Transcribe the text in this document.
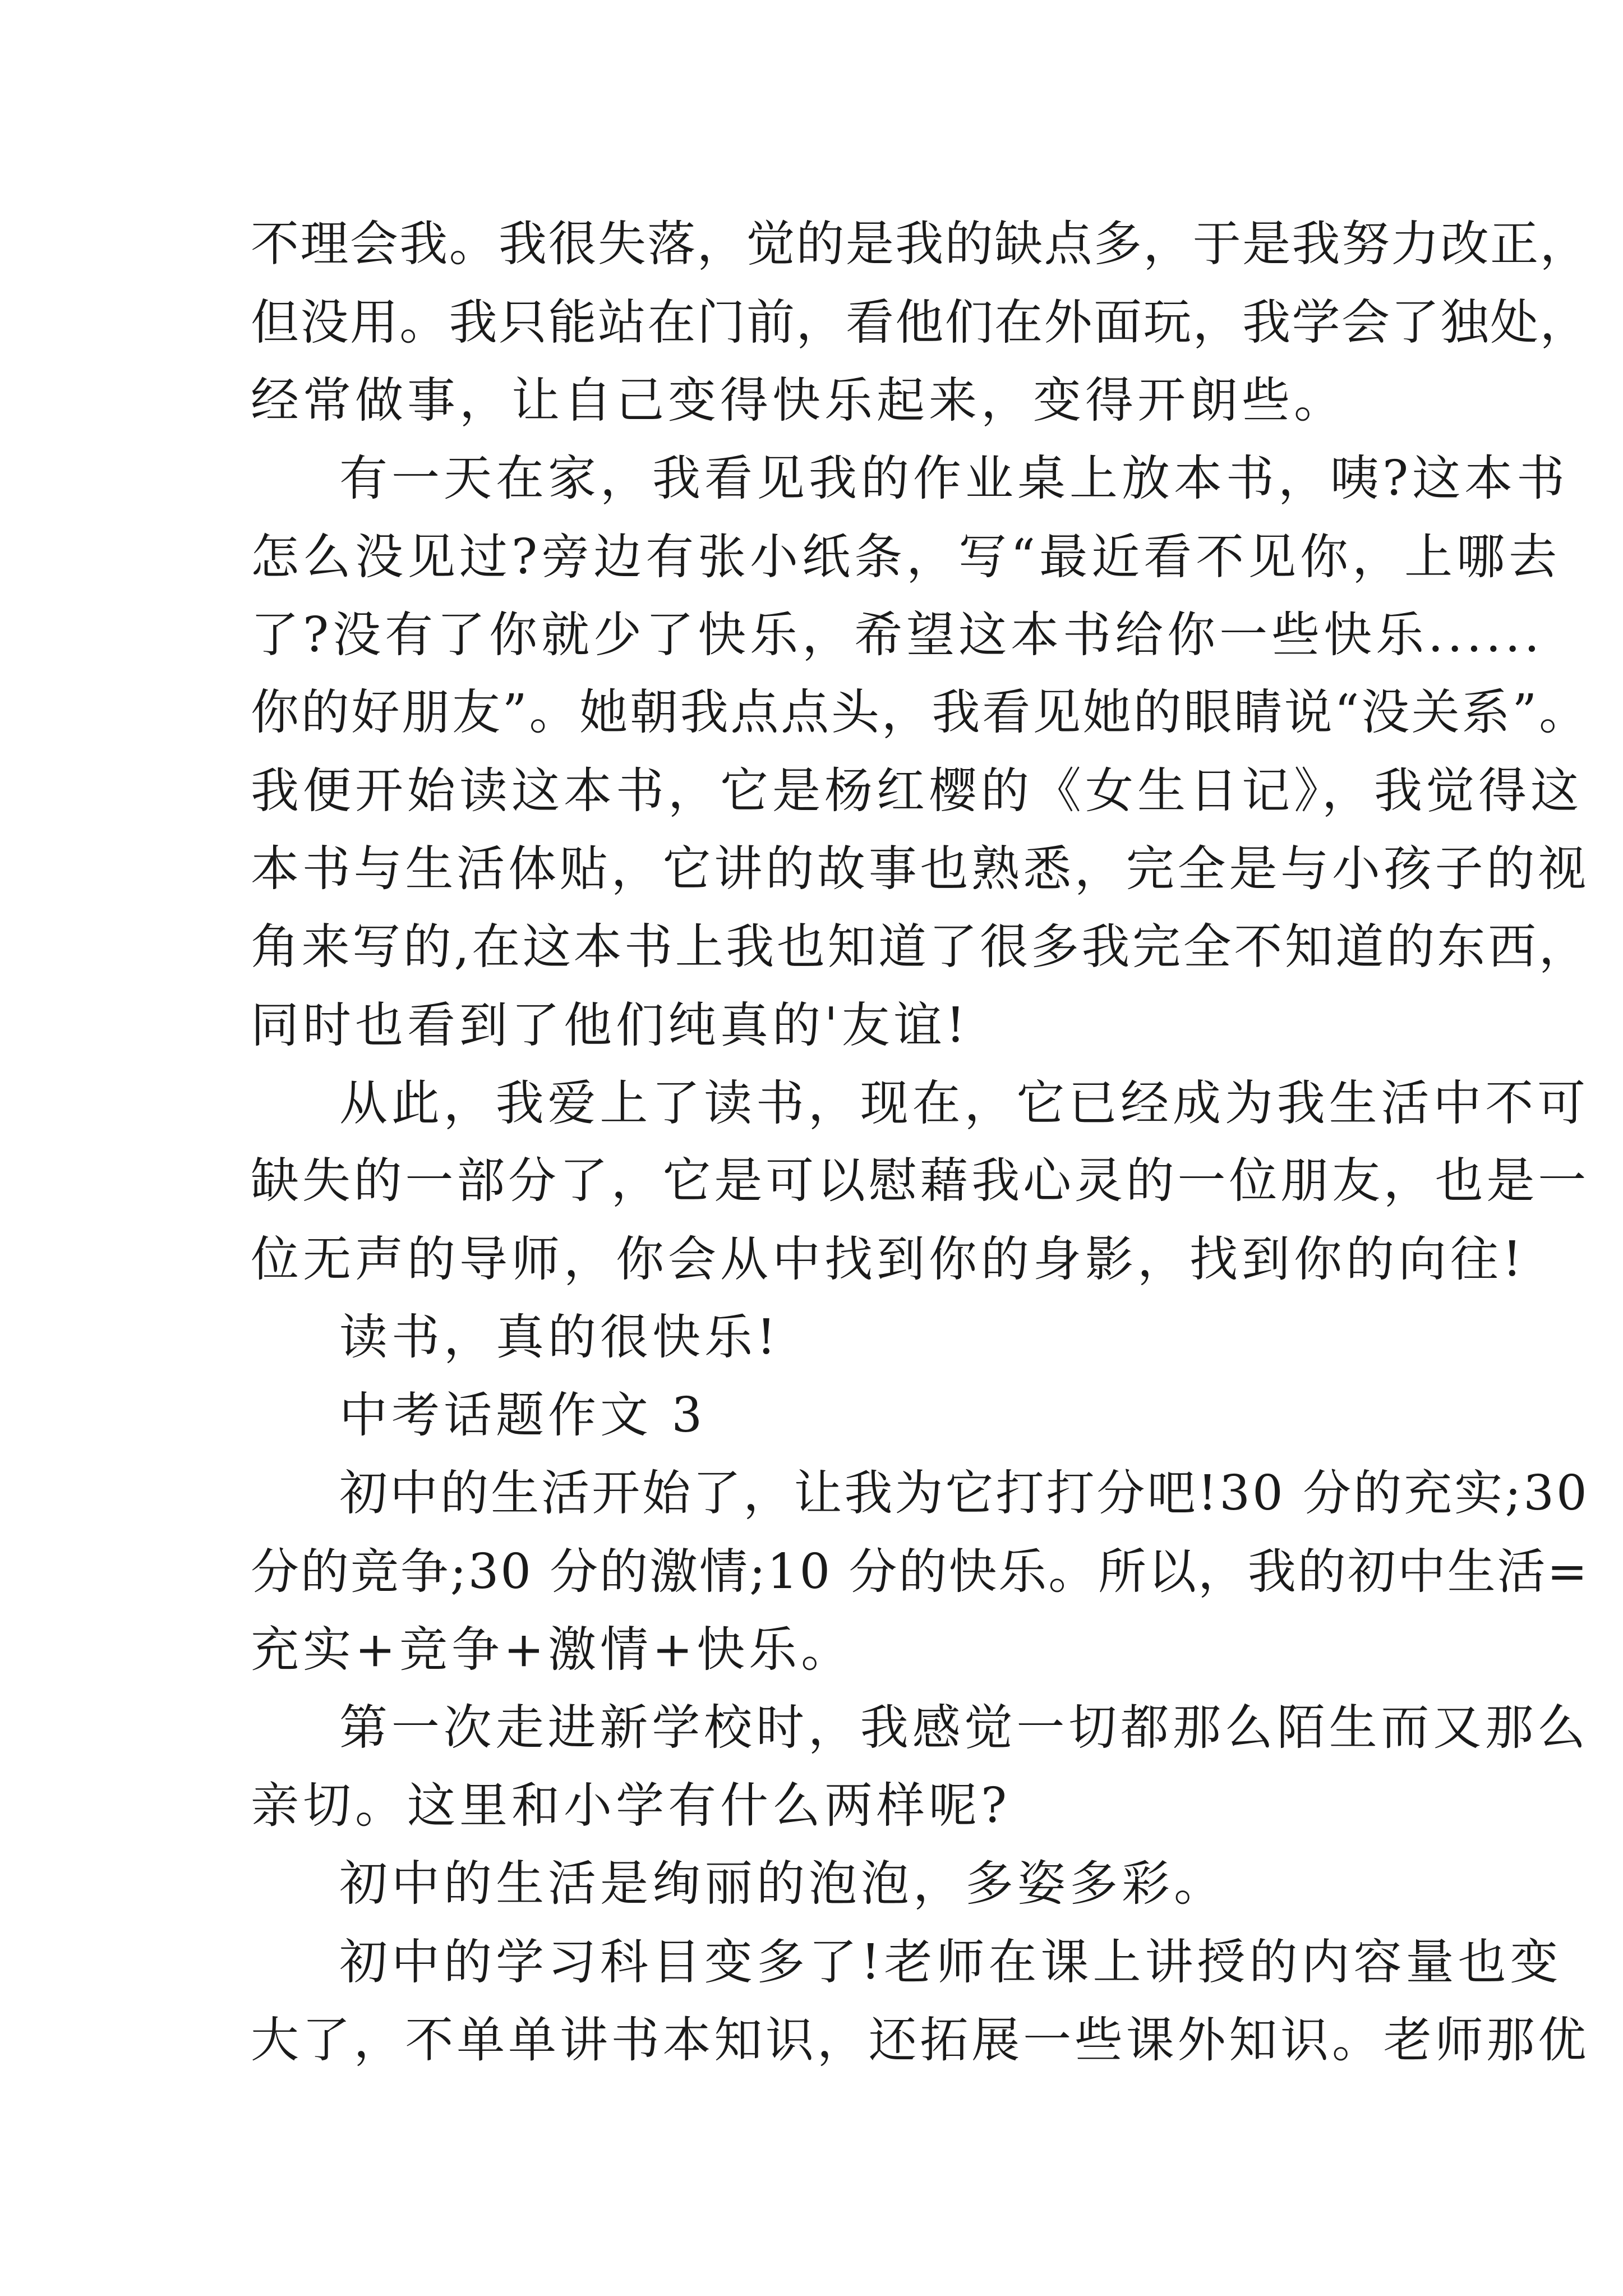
不理会我。我很失落，觉的是我的缺点多，于是我努力改正，
但没用。我只能站在门前，看他们在外面玩，我学会了独处，
经常做事，让自己变得快乐起来，变得开朗些。
有一天在家，我看见我的作业桌上放本书，咦?这本书
怎么没见过?旁边有张小纸条，写“最近看不见你，上哪去
了?没有了你就少了快乐，希望这本书给你一些快乐......
你的好朋友”。她朝我点点头，我看见她的眼睛说“没关系”。
我便开始读这本书，它是杨红樱的《女生日记》，我觉得这
本书与生活体贴，它讲的故事也熟悉，完全是与小孩子的视
角来写的,在这本书上我也知道了很多我完全不知道的东西，
同时也看到了他们纯真的'友谊!
从此，我爱上了读书，现在，它已经成为我生活中不可
缺失的一部分了，它是可以慰藉我心灵的一位朋友，也是一
位无声的导师，你会从中找到你的身影，找到你的向往!
读书，真的很快乐!
中考话题作文 3
初中的生活开始了，让我为它打打分吧!30 分的充实;30
分的竞争;30 分的激情;10 分的快乐。所以，我的初中生活=
充实+竞争+激情+快乐。
第一次走进新学校时，我感觉一切都那么陌生而又那么
亲切。这里和小学有什么两样呢?
初中的生活是绚丽的泡泡，多姿多彩。
初中的学习科目变多了!老师在课上讲授的内容量也变
大了，不单单讲书本知识，还拓展一些课外知识。老师那优
